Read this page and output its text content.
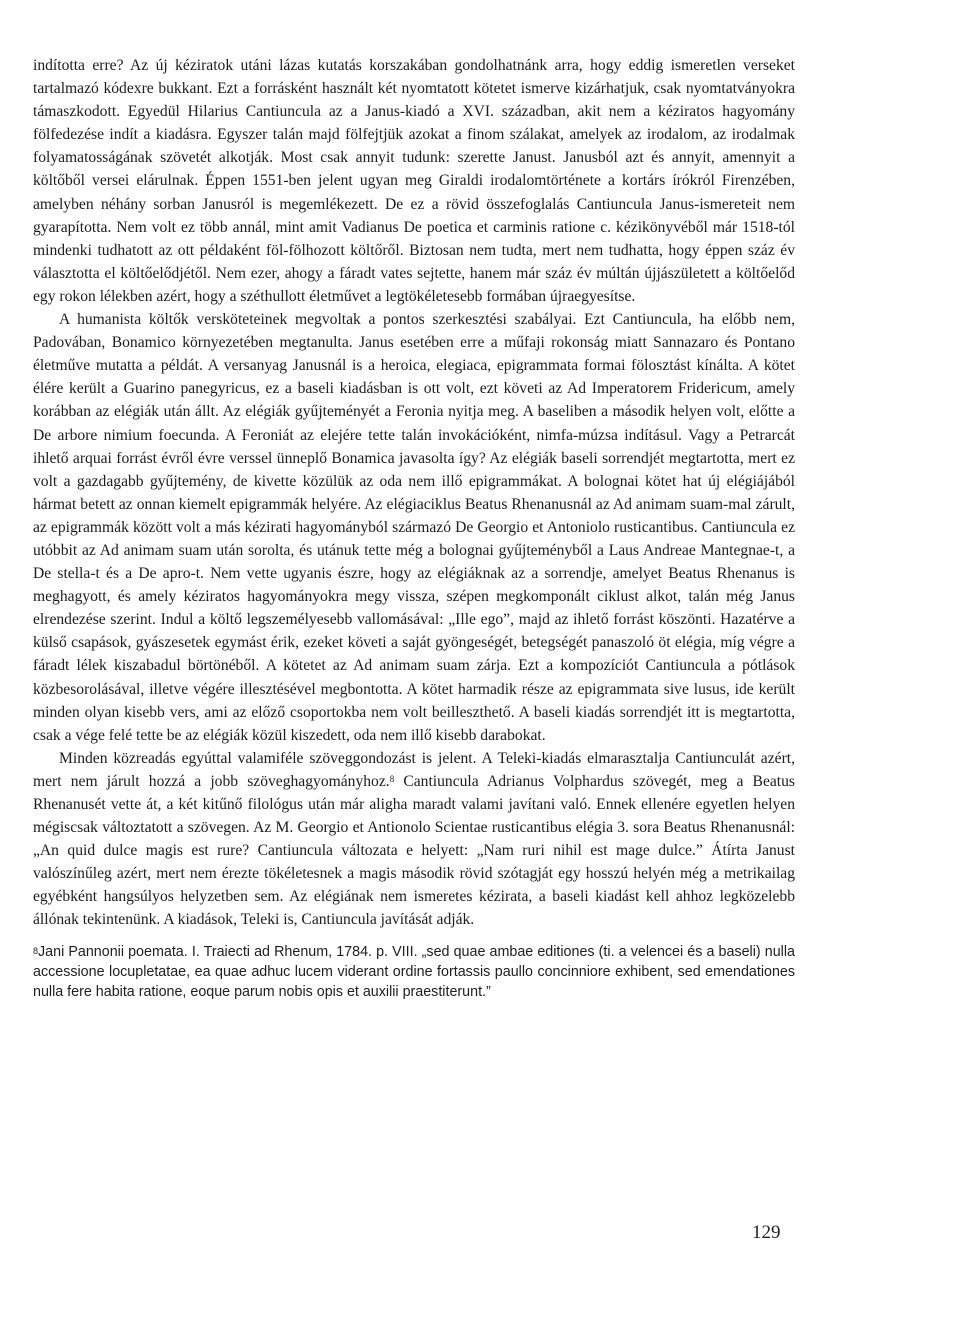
indította erre? Az új kéziratok utáni lázas kutatás korszakában gondolhatnánk arra, hogy eddig ismeretlen verseket tartalmazó kódexre bukkant. Ezt a forrásként használt két nyomtatott kötetet ismerve kizárhatjuk, csak nyomtatványokra támaszkodott. Egyedül Hilarius Cantiuncula az a Janus-kiadó a XVI. században, akit nem a kéziratos hagyomány fölfedezése indít a kiadásra. Egyszer talán majd fölfejtjük azokat a finom szálakat, amelyek az irodalom, az irodalmak folyamatosságának szövetét alkotják. Most csak annyit tudunk: szerette Janust. Janusból azt és annyit, amennyit a költőből versei elárulnak. Éppen 1551-ben jelent ugyan meg Giraldi irodalomtörténete a kortárs írókról Firenzében, amelyben néhány sorban Janusról is megemlékezett. De ez a rövid összefoglalás Cantiuncula Janus-ismereteit nem gyarapította. Nem volt ez több annál, mint amit Vadianus De poetica et carminis ratione c. kézikönyvéből már 1518-tól mindenki tudhatott az ott példaként föl-fölhozott költőről. Biztosan nem tudta, mert nem tudhatta, hogy éppen száz év választotta el költőelődjétől. Nem ezer, ahogy a fáradt vates sejtette, hanem már száz év múltán újjászületett a költőelőd egy rokon lélekben azért, hogy a széthullott életművet a legtökéletesebb formában újraegyesítse.

A humanista költők versköteteinek megvoltak a pontos szerkesztési szabályai. Ezt Cantiuncula, ha előbb nem, Padovában, Bonamico környezetében megtanulta. Janus esetében erre a műfaji rokonság miatt Sannazaro és Pontano életműve mutatta a példát. A versanyag Janusnál is a heroica, elegiaca, epigrammata formai fölosztást kínálta. A kötet élére került a Guarino panegyricus, ez a baseli kiadásban is ott volt, ezt követi az Ad Imperatorem Fridericum, amely korábban az elégiák után állt. Az elégiák gyűjteményét a Feronia nyitja meg. A baseliben a második helyen volt, előtte a De arbore nimium foecunda. A Feroniát az elejére tette talán invokációként, nimfa-múzsa indításul. Vagy a Petrarcát ihlető arquai forrást évről évre verssel ünneplő Bonamica javasolta így? Az elégiák baseli sorrendjét megtartotta, mert ez volt a gazdagabb gyűjtemény, de kivette közülük az oda nem illő epigrammákat. A bolognai kötet hat új elégiájából hármat betett az onnan kiemelt epigrammák helyére. Az elégiaciklus Beatus Rhenanusnál az Ad animam suam-mal zárult, az epigrammák között volt a más kézirati hagyományból származó De Georgio et Antoniolo rusticantibus. Cantiuncula ez utóbbit az Ad animam suam után sorolta, és utánuk tette még a bolognai gyűjteményből a Laus Andreae Mantegnae-t, a De stella-t és a De apro-t. Nem vette ugyanis észre, hogy az elégiáknak az a sorrendje, amelyet Beatus Rhenanus is meghagyott, és amely kéziratos hagyományokra megy vissza, szépen megkomponált ciklust alkot, talán még Janus elrendezése szerint. Indul a költő legszemélyesebb vallomásával: „Ille ego”, majd az ihlető forrást köszönti. Hazatérve a külső csapások, gyászesetek egymást érik, ezeket követi a saját gyöngeségét, betegségét panaszoló öt elégia, míg végre a fáradt lélek kiszabadul börtönéből. A kötetet az Ad animam suam zárja. Ezt a kompozíciót Cantiuncula a pótlások közbesorolásával, illetve végére illesztésével megbontotta. A kötet harmadik része az epigrammata sive lusus, ide került minden olyan kisebb vers, ami az előző csoportokba nem volt beilleszthető. A baseli kiadás sorrendjét itt is megtartotta, csak a vége felé tette be az elégiák közül kiszedett, oda nem illő kisebb darabokat.

Minden közreadás egyúttal valamiféle szöveggondozást is jelent. A Teleki-kiadás elmarasztalja Cantiunculát azért, mert nem járult hozzá a jobb szöveghagyományhoz.$^8$ Cantiuncula Adrianus Volphardus szövegét, meg a Beatus Rhenanusét vette át, a két kitűnő filológus után már aligha maradt valami javítani való. Ennek ellenére egyetlen helyen mégiscsak változtatott a szövegen. Az M. Georgio et Antionolo Scientae rusticantibus elégia 3. sora Beatus Rhenanusnál: „An quid dulce magis est rure? Cantiuncula változata e helyett: „Nam ruri nihil est mage dulce.” Átírta Janust valószínűleg azért, mert nem érezte tökéletesnek a magis második rövid szótagját egy hosszú helyén még a metrikailag egyébként hangsúlyos helyzetben sem. Az elégiának nem ismeretes kézirata, a baseli kiadást kell ahhoz legközelebb állónak tekintenünk. A kiadások, Teleki is, Cantiuncula javítását adják.

$^8$Jani Pannonii poemata. I. Traiecti ad Rhenum, 1784. p. VIII. „sed quae ambae editiones (ti. a velencei és a baseli) nulla accessione locupletatae, ea quae adhuc lucem viderant ordine fortassis paullo concinniore exhibent, sed emendationes nulla fere habita ratione, eoque parum nobis opis et auxilii praestiterunt.”

129
